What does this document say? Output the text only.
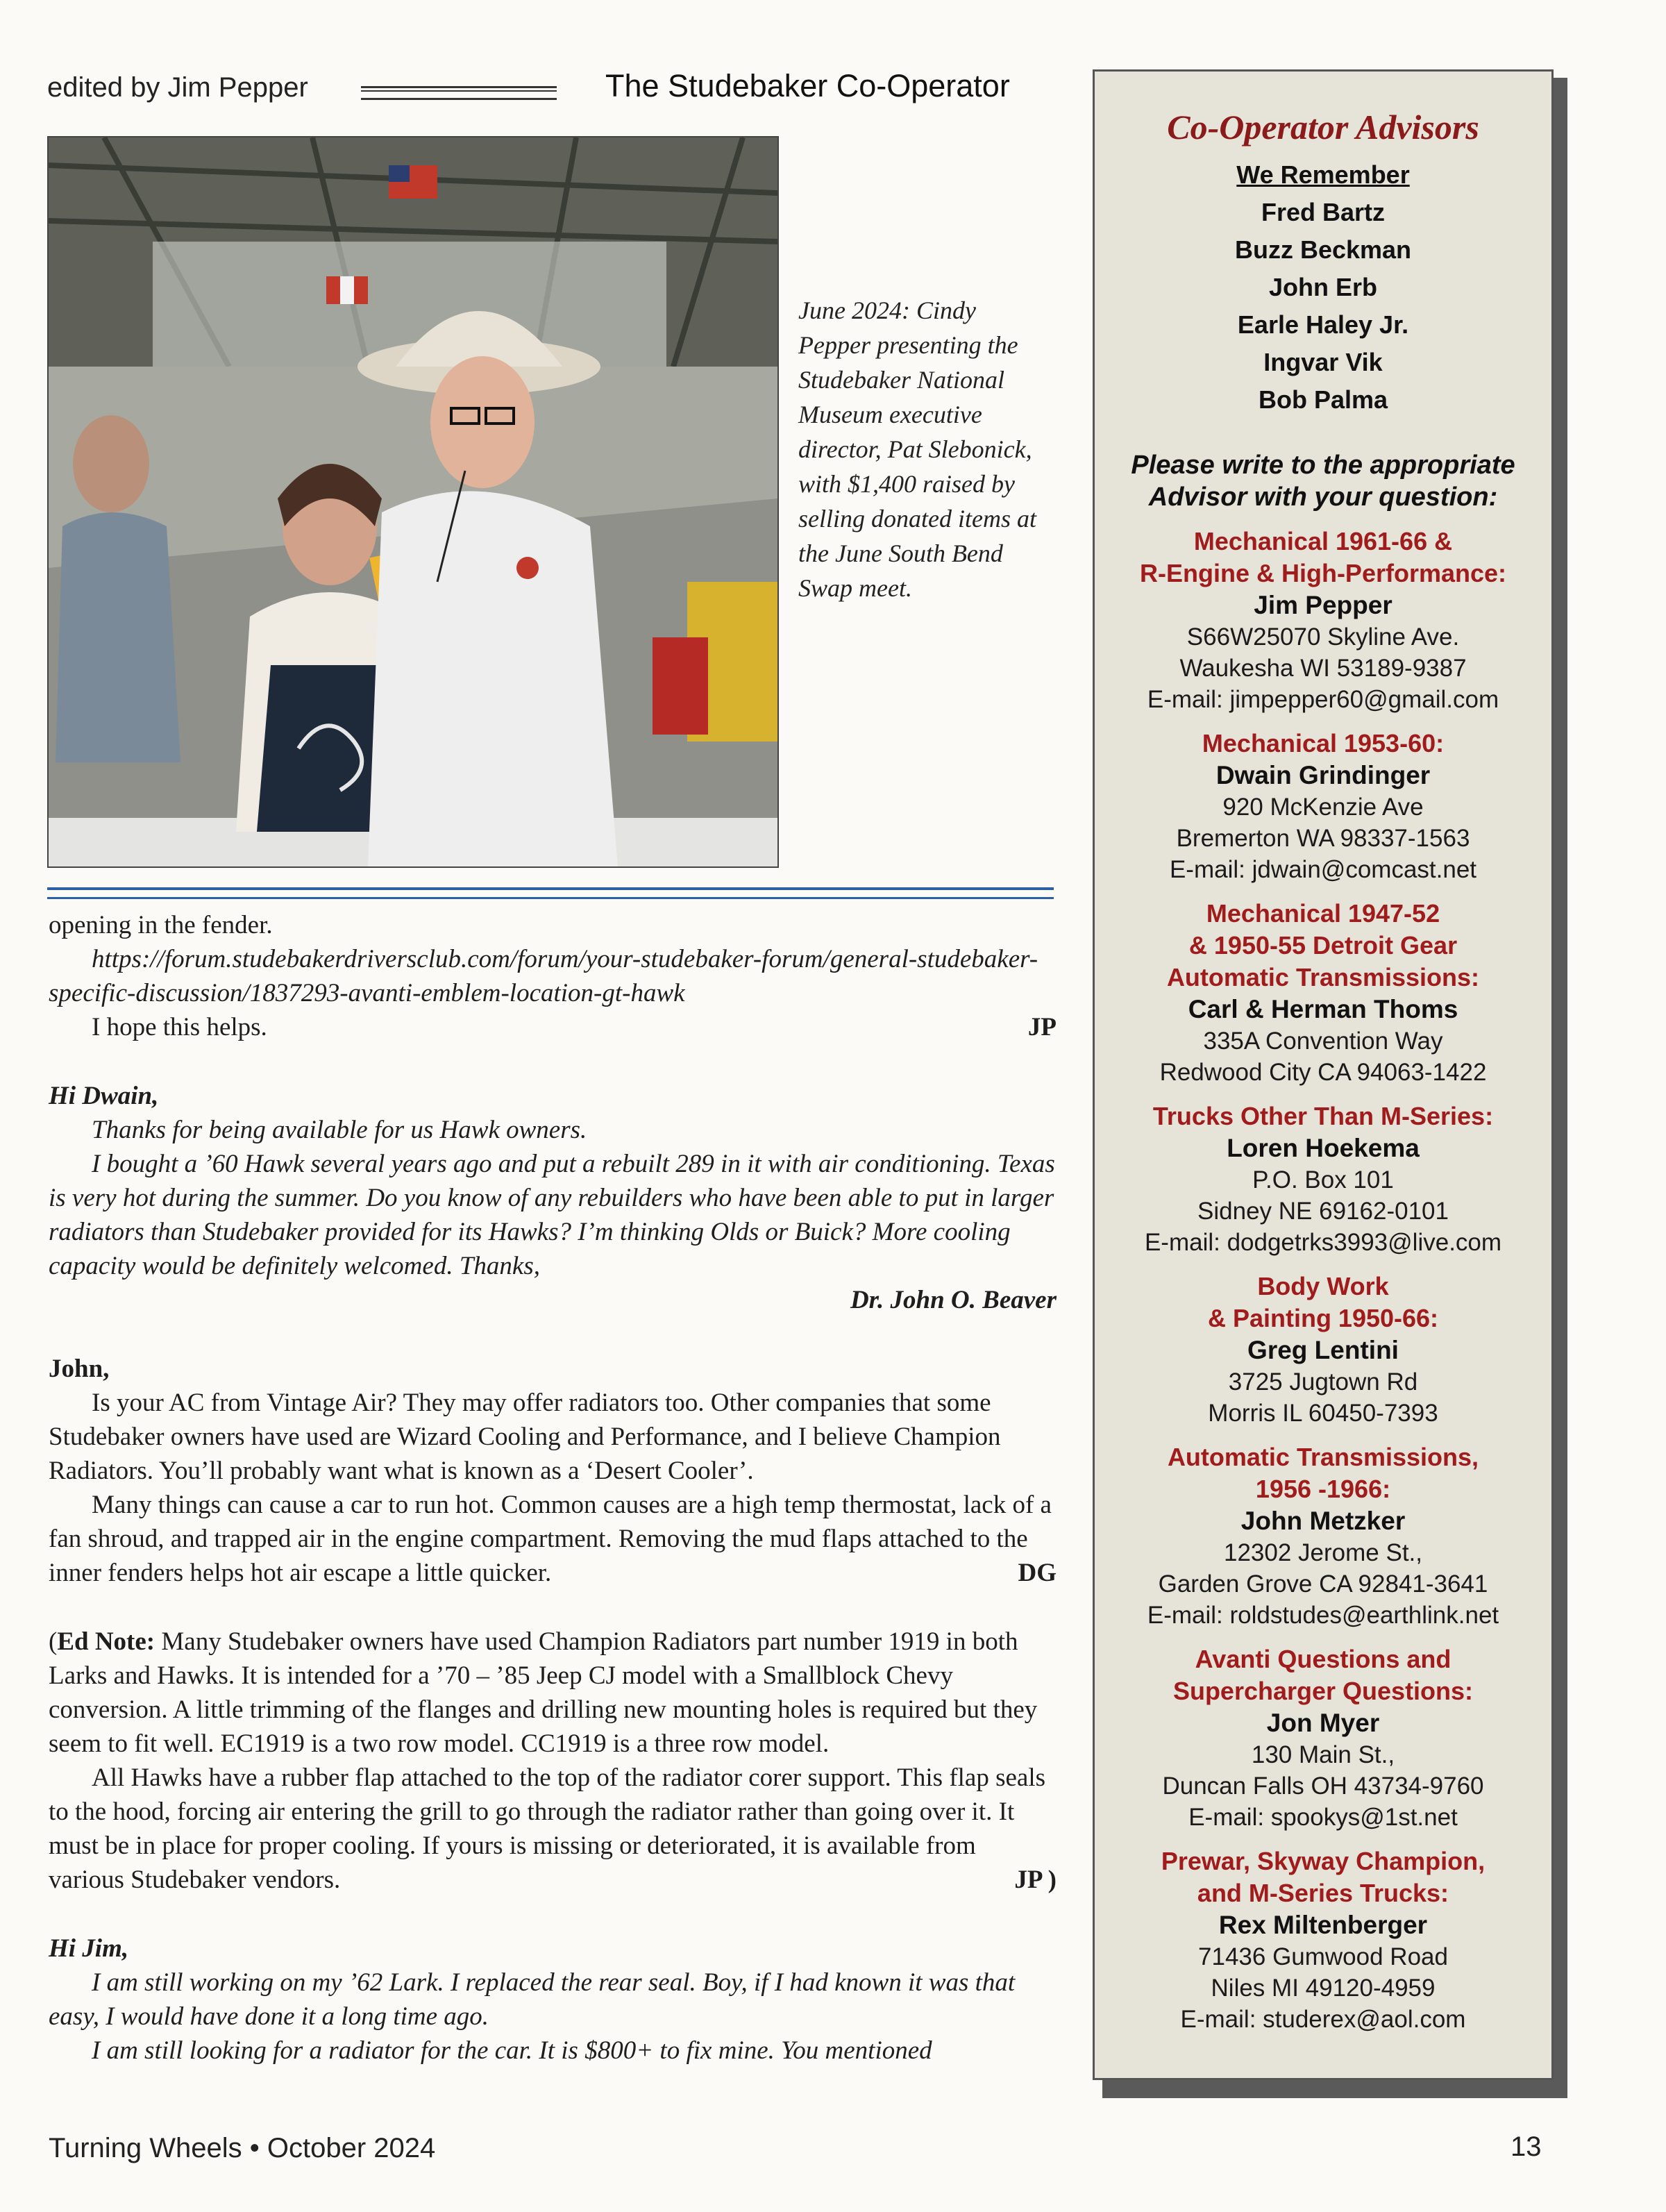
edited by Jim Pepper	The Studebaker Co-Operator
June 2024: Cindy Pepper presenting the Studebaker National Museum executive director, Pat Slebonick, with $1,400 raised by selling donated items at the June South Bend Swap meet.

opening in the fender.

https://forum.studebakerdriversclub.com/forum/your-studebaker-forum/general-studebaker-specific-discussion/1837293-avanti-emblem-location-gt-hawk

I hope this helps.	JP

Hi Dwain,

Thanks for being available for us Hawk owners.

I bought a ’60 Hawk several years ago and put a rebuilt 289 in it with air conditioning. Texas is very hot during the summer. Do you know of any rebuilders who have been able to put in larger radiators than Studebaker provided for its Hawks? I’m thinking Olds or Buick? More cooling capacity would be definitely welcomed. Thanks,

Dr. John O. Beaver

John,

Is your AC from Vintage Air? They may offer radiators too. Other companies that some Studebaker owners have used are Wizard Cooling and Performance, and I believe Champion Radiators. You’ll probably want what is known as a ‘Desert Cooler’.

Many things can cause a car to run hot. Common causes are a high temp thermostat, lack of a fan shroud, and trapped air in the engine compartment. Removing the mud flaps attached to the inner fenders helps hot air escape a little quicker.	DG

(Ed Note: Many Studebaker owners have used Champion Radiators part number 1919 in both Larks and Hawks. It is intended for a ’70 – ’85 Jeep CJ model with a Smallblock Chevy conversion. A little trimming of the flanges and drilling new mounting holes is required but they seem to fit well. EC1919 is a two row model. CC1919 is a three row model.

All Hawks have a rubber flap attached to the top of the radiator corer support. This flap seals to the hood, forcing air entering the grill to go through the radiator rather than going over it. It must be in place for proper cooling. If yours is missing or deteriorated, it is available from various Studebaker vendors.	JP )

Hi Jim,

I am still working on my ’62 Lark. I replaced the rear seal. Boy, if I had known it was that easy, I would have done it a long time ago.

I am still looking for a radiator for the car. It is $800+ to fix mine. You mentioned

Co-Operator Advisors
We Remember
Fred Bartz
Buzz Beckman
John Erb
Earle Haley Jr.
Ingvar Vik
Bob Palma
Please write to the appropriate
Advisor with your question:
Mechanical 1961-66 &
R-Engine & High-Performance:
Jim Pepper
S66W25070 Skyline Ave.
Waukesha WI 53189-9387
E-mail: jimpepper60@gmail.com
Mechanical 1953-60:
Dwain Grindinger
920 McKenzie Ave
Bremerton WA 98337-1563
E-mail: jdwain@comcast.net
Mechanical 1947-52
& 1950-55 Detroit Gear
Automatic Transmissions:
Carl & Herman Thoms
335A Convention Way
Redwood City CA 94063-1422
Trucks Other Than M-Series:
Loren Hoekema
P.O. Box 101
Sidney NE 69162-0101
E-mail: dodgetrks3993@live.com
Body Work
& Painting 1950-66:
Greg Lentini
3725 Jugtown Rd
Morris IL 60450-7393
Automatic Transmissions,
1956 -1966:
John Metzker
12302 Jerome St.,
Garden Grove CA 92841-3641
E-mail: roldstudes@earthlink.net
Avanti Questions and
Supercharger Questions:
Jon Myer
130 Main St.,
Duncan Falls OH 43734-9760
E-mail: spookys@1st.net
Prewar, Skyway Champion,
and M-Series Trucks:
Rex Miltenberger
71436 Gumwood Road
Niles MI 49120-4959
E-mail: studerex@aol.com
Turning Wheels • October 2024	13
